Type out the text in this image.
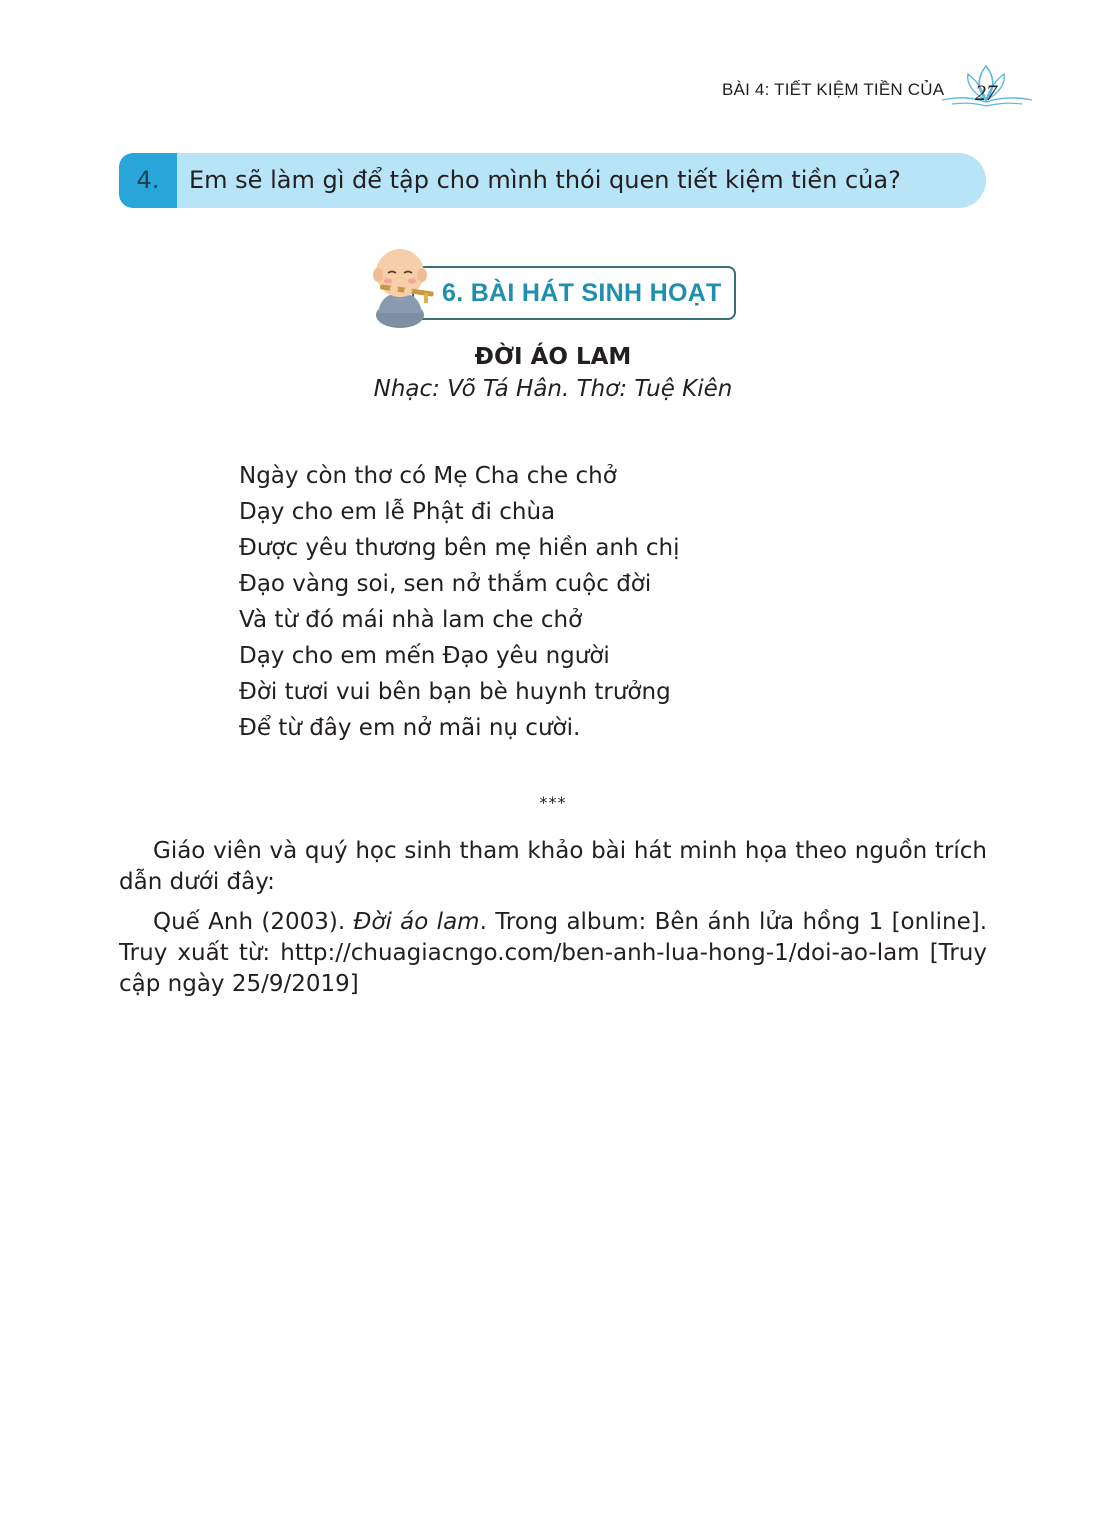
BÀI 4: TIẾT KIỆM TIỀN CỦA 27
4.	Em sẽ làm gì để tập cho mình thói quen tiết kiệm tiền của?
6. BÀI HÁT SINH HOẠT
ĐỜI ÁO LAM
Nhạc: Võ Tá Hân. Thơ: Tuệ Kiên
Ngày còn thơ có Mẹ Cha che chở
Dạy cho em lễ Phật đi chùa
Được yêu thương bên mẹ hiền anh chị
Đạo vàng soi, sen nở thắm cuộc đời
Và từ đó mái nhà lam che chở
Dạy cho em mến Đạo yêu người
Đời tươi vui bên bạn bè huynh trưởng
Để từ đây em nở mãi nụ cười.
***
Giáo viên và quý học sinh tham khảo bài hát minh họa theo nguồn trích dẫn dưới đây:
Quế Anh (2003). Đời áo lam. Trong album: Bên ánh lửa hồng 1 [online]. Truy xuất từ: http://chuagiacngo.com/ben-anh-lua-hong-1/doi-ao-lam [Truy cập ngày 25/9/2019]
